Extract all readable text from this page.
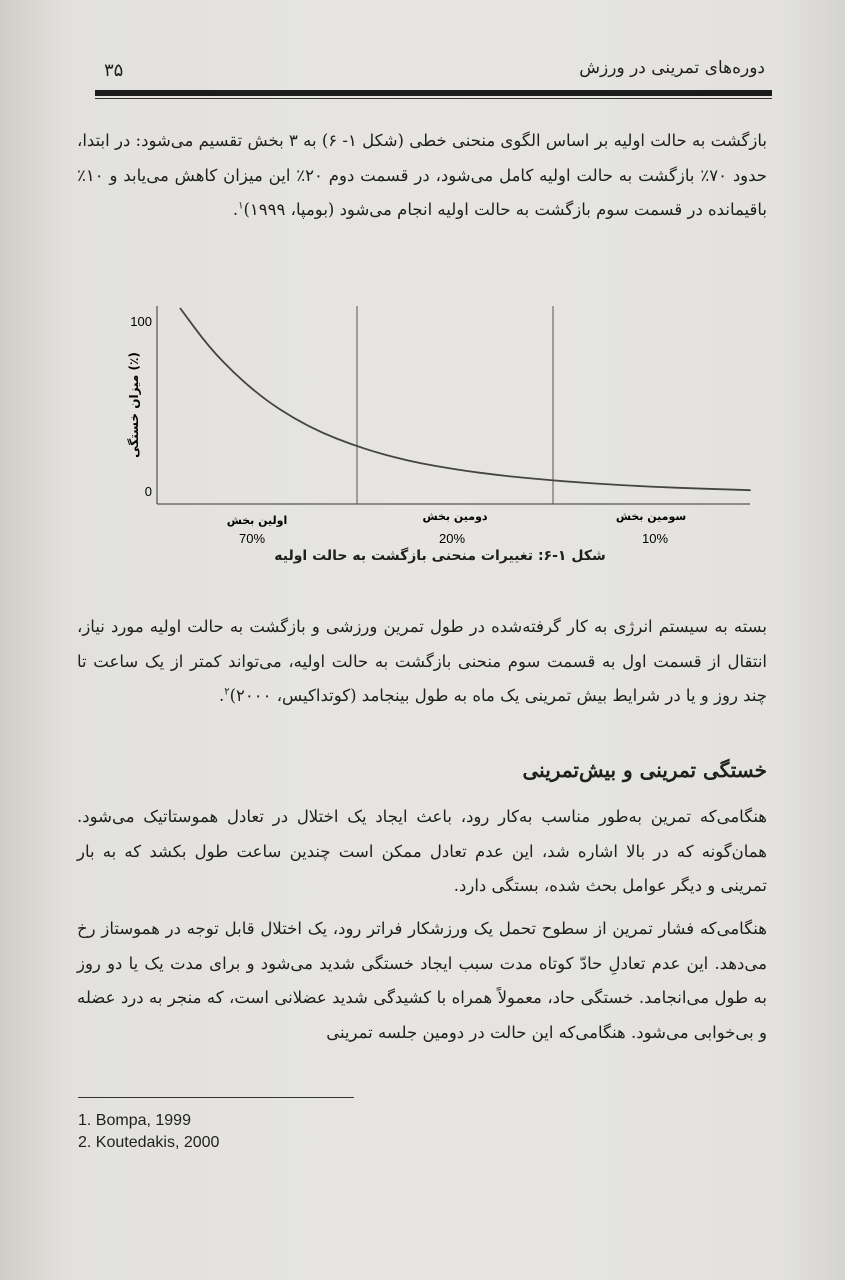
دوره‌های تمرینی در ورزش
۳۵
بازگشت به حالت اولیه بر اساس الگوی منحنی خطی (شکل ۱- ۶) به ۳ بخش تقسیم می‌شود: در ابتدا، حدود ۷۰٪ بازگشت به حالت اولیه کامل می‌شود، در قسمت دوم ۲۰٪ این میزان کاهش می‌یابد و ۱۰٪ باقیمانده در قسمت سوم بازگشت به حالت اولیه انجام می‌شود (بومپا، ۱۹۹۹)$^۱$.
100
0
میزان خستگی (٪)
اولین بخش	دومین بخش	سومین بخش
70%	20%	10%
شکل ۱-۶: تغییرات منحنی بازگشت به حالت اولیه
بسته به سیستم انرژی به کار گرفته‌شده در طول تمرین ورزشی و بازگشت به حالت اولیه مورد نیاز، انتقال از قسمت اول به قسمت سوم منحنی بازگشت به حالت اولیه، می‌تواند کمتر از یک ساعت تا چند روز و یا در شرایط بیش تمرینی یک ماه به طول بینجامد (کوتداکیس، ۲۰۰۰)$^۲$.
خستگی تمرینی و بیش‌تمرینی
هنگامی‌که تمرین به‌طور مناسب به‌کار رود، باعث ایجاد یک اختلال در تعادل هموستاتیک می‌شود. همان‌گونه که در بالا اشاره شد، این عدم تعادل ممکن است چندین ساعت طول بکشد که به بار تمرینی و دیگر عوامل بحث شده، بستگی دارد.
هنگامی‌که فشار تمرین از سطوح تحمل یک ورزشکار فراتر رود، یک اختلال قابل توجه در هموستاز رخ می‌دهد. این عدم تعادلِ حادّ کوتاه مدت سبب ایجاد خستگی شدید می‌شود و برای مدت یک یا دو روز به طول می‌انجامد. خستگی حاد، معمولاً همراه با کشیدگی شدید عضلانی است، که منجر به درد عضله و بی‌خوابی می‌شود. هنگامی‌که این حالت در دومین جلسه تمرینی
1. Bompa, 1999
2. Koutedakis, 2000
